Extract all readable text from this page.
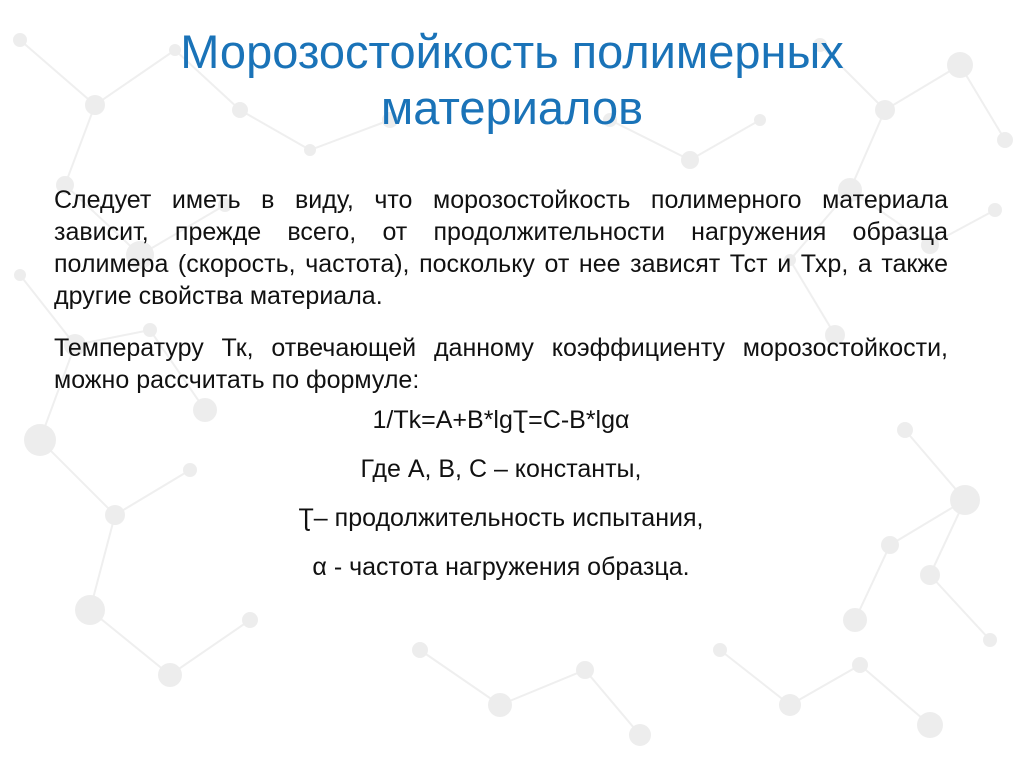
Морозостойкость полимерных материалов

Следует иметь в виду, что морозостойкость полимерного материала зависит, прежде всего, от продолжительности нагружения образца полимера (скорость, частота), поскольку от нее зависят Тст и Тхр, а также другие свойства материала.

Температуру Тк, отвечающей данному коэффициенту морозостойкости, можно рассчитать по формуле:

1/Tk=A+B*lgƮ=C-B*lgα

Где А, В, С – константы,

Ʈ– продолжительность испытания,

α - частота нагружения образца.
